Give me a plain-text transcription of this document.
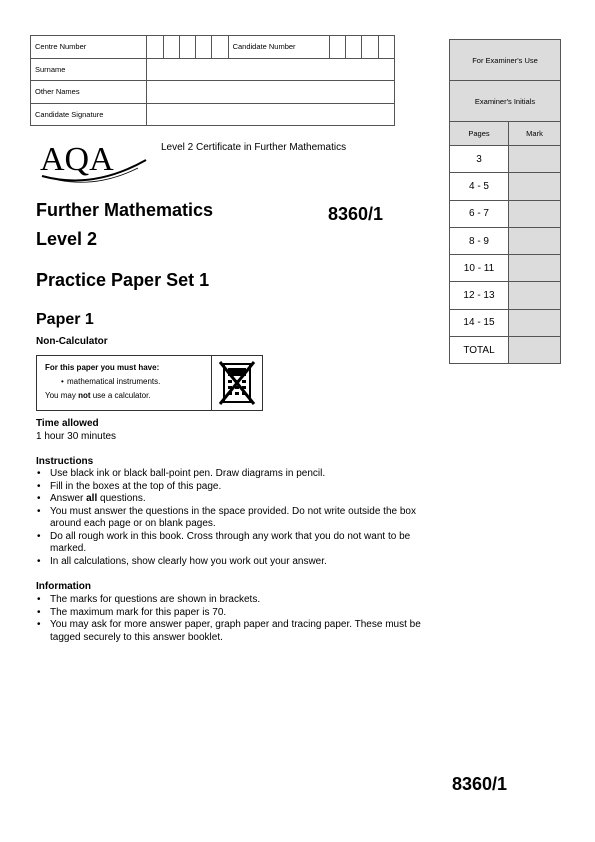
Centre Number						Candidate Number				
Surname										
Other Names										
Candidate Signature										
For Examiner's Use	
Examiner's Initials	
Pages	Mark
3	
4 - 5	
6 - 7	
8 - 9	
10 - 11	
12 - 13	
14 - 15	
TOTAL	
AQA	Level 2 Certificate in Further Mathematics
Further Mathematics
Level 2
8360/1
Practice Paper Set 1
Paper 1
Non-Calculator
For this paper you must have:
• mathematical instruments.
You may not use a calculator.
Time allowed
1 hour 30 minutes
Instructions
• Use black ink or black ball-point pen. Draw diagrams in pencil.
• Fill in the boxes at the top of this page.
• Answer all questions.
• You must answer the questions in the space provided. Do not write outside the box around each page or on blank pages.
• Do all rough work in this book. Cross through any work that you do not want to be marked.
• In all calculations, show clearly how you work out your answer.
Information
• The marks for questions are shown in brackets.
• The maximum mark for this paper is 70.
• You may ask for more answer paper, graph paper and tracing paper. These must be tagged securely to this answer booklet.
8360/1
